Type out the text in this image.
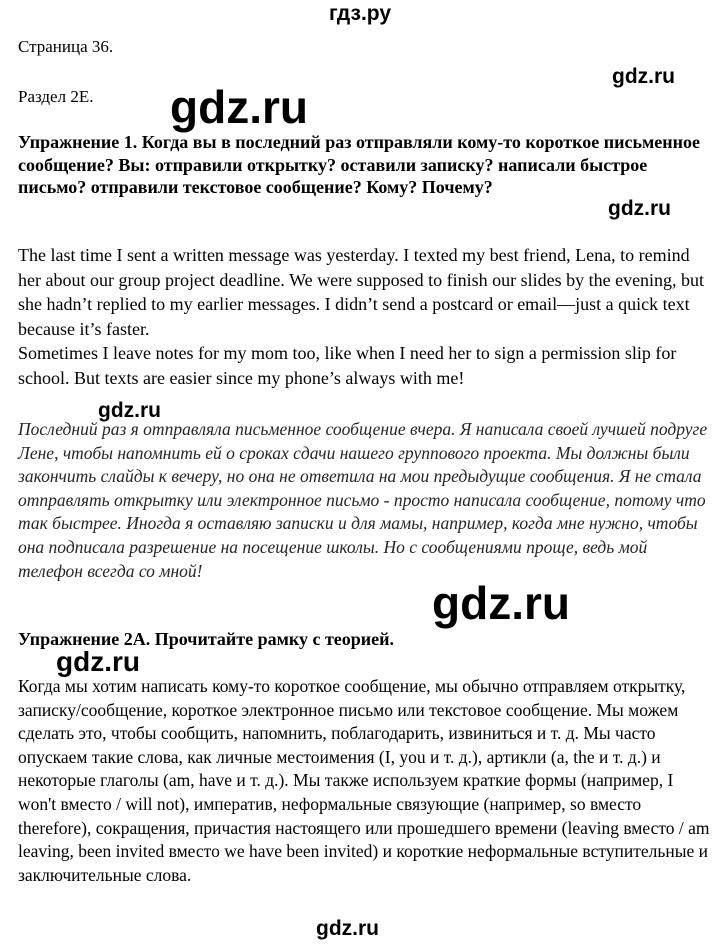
гдз.ру
Страница 36.
Раздел 2E.
Упражнение 1. Когда вы в последний раз отправляли кому-то короткое письменное сообщение? Вы: отправили открытку? оставили записку? написали быстрое письмо? отправили текстовое сообщение? Кому? Почему?

The last time I sent a written message was yesterday. I texted my best friend, Lena, to remind her about our group project deadline. We were supposed to finish our slides by the evening, but she hadn’t replied to my earlier messages. I didn’t send a postcard or email—just a quick text because it’s faster.

Sometimes I leave notes for my mom too, like when I need her to sign a permission slip for school. But texts are easier since my phone’s always with me!

Последний раз я отправляла письменное сообщение вчера. Я написала своей лучшей подруге Лене, чтобы напомнить ей о сроках сдачи нашего группового проекта. Мы должны были закончить слайды к вечеру, но она не ответила на мои предыдущие сообщения. Я не стала отправлять открытку или электронное письмо - просто написала сообщение, потому что так быстрее. Иногда я оставляю записки и для мамы, например, когда мне нужно, чтобы она подписала разрешение на посещение школы. Но с сообщениями проще, ведь мой телефон всегда со мной!
Упражнение 2А. Прочитайте рамку с теорией.
Когда мы хотим написать кому-то короткое сообщение, мы обычно отправляем открытку, записку/сообщение, короткое электронное письмо или текстовое сообщение. Мы можем сделать это, чтобы сообщить, напомнить, поблагодарить, извиниться и т. д. Мы часто опускаем такие слова, как личные местоимения (I, you и т. д.), артикли (a, the и т. д.) и некоторые глаголы (am, have и т. д.). Мы также используем краткие формы (например, I won't вместо / will not), императив, неформальные связующие (например, so вместо therefore), сокращения, причастия настоящего или прошедшего времени (leaving вместо / am leaving, been invited вместо we have been invited) и короткие неформальные вступительные и заключительные слова.
gdz.ru
gdz.ru
gdz.ru
gdz.ru
gdz.ru
gdz.ru
gdz.ru
